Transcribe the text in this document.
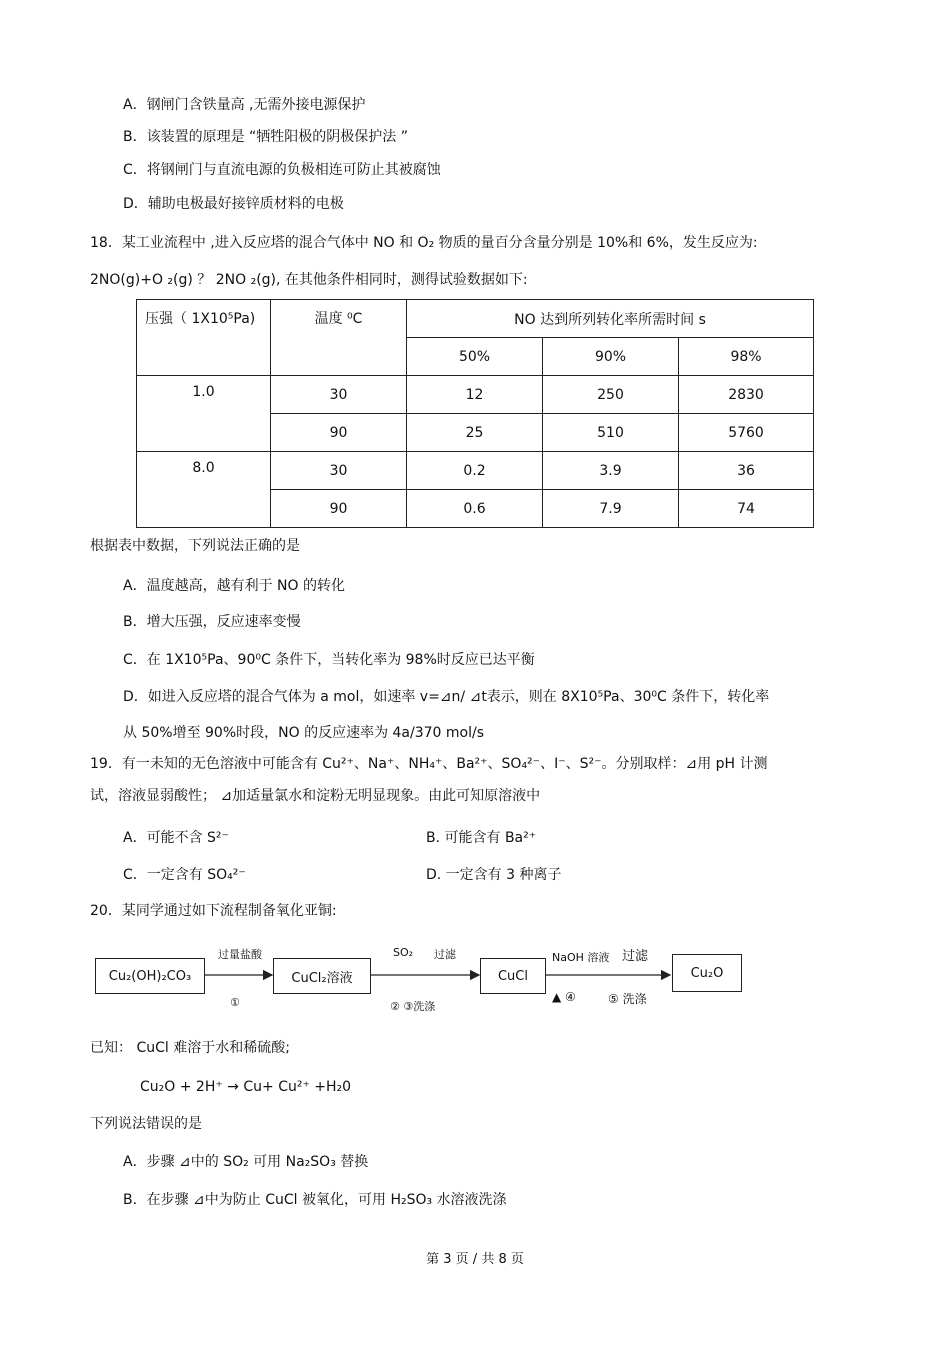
A．钢闸门含铁量高 ,无需外接电源保护
B．该装置的原理是 “牺牲阳极的阴极保护法 ”
C．将钢闸门与直流电源的负极相连可防止其被腐蚀
D．辅助电极最好接锌质材料的电极
18．某工业流程中 ,进入反应塔的混合气体中 NO 和 O₂ 物质的量百分含量分别是 10%和 6%，发生反应为:
2NO(g)+O ₂(g) ？ 2NO ₂(g), 在其他条件相同时，测得试验数据如下:
压强（ 1X10⁵Pa)	温度 ⁰C	NO 达到所列转化率所需时间 s		
		50%	90%	98%
1.0	30	12	250	2830
	90	25	510	5760
8.0	30	0.2	3.9	36
	90	0.6	7.9	74
根据表中数据，下列说法正确的是
A．温度越高，越有利于 NO 的转化
B．增大压强，反应速率变慢
C．在 1X10⁵Pa、90⁰C 条件下，当转化率为 98%时反应已达平衡
D．如进入反应塔的混合气体为 a mol，如速率 v=⊿n/ ⊿t表示，则在 8X10⁵Pa、30⁰C 条件下，转化率
从 50%增至 90%时段，NO 的反应速率为 4a/370 mol/s
19．有一未知的无色溶液中可能含有 Cu²⁺、Na⁺、NH₄⁺、Ba²⁺、SO₄²⁻、I⁻、S²⁻。分别取样：⊿用 pH 计测
试，溶液显弱酸性； ⊿加适量氯水和淀粉无明显现象。由此可知原溶液中
A．可能不含 S²⁻	B. 可能含有 Ba²⁺
C．一定含有 SO₄²⁻	D. 一定含有 3 种离子
20．某同学通过如下流程制备氧化亚铜:
Cu₂(OH)₂CO₃	CuCl₂溶液	CuCl	Cu₂O
过量盐酸
①
SO₂ 过滤
② ③洗涤
NaOH 溶液 过滤
▲ ④	⑤ 洗涤
已知： CuCl 难溶于水和稀硫酸;
Cu₂O + 2H⁺ → Cu+ Cu²⁺ +H₂0
下列说法错误的是
A．步骤 ⊿中的 SO₂ 可用 Na₂SO₃ 替换
B．在步骤 ⊿中为防止 CuCl 被氧化，可用 H₂SO₃ 水溶液洗涤
第 3 页 / 共 8 页
